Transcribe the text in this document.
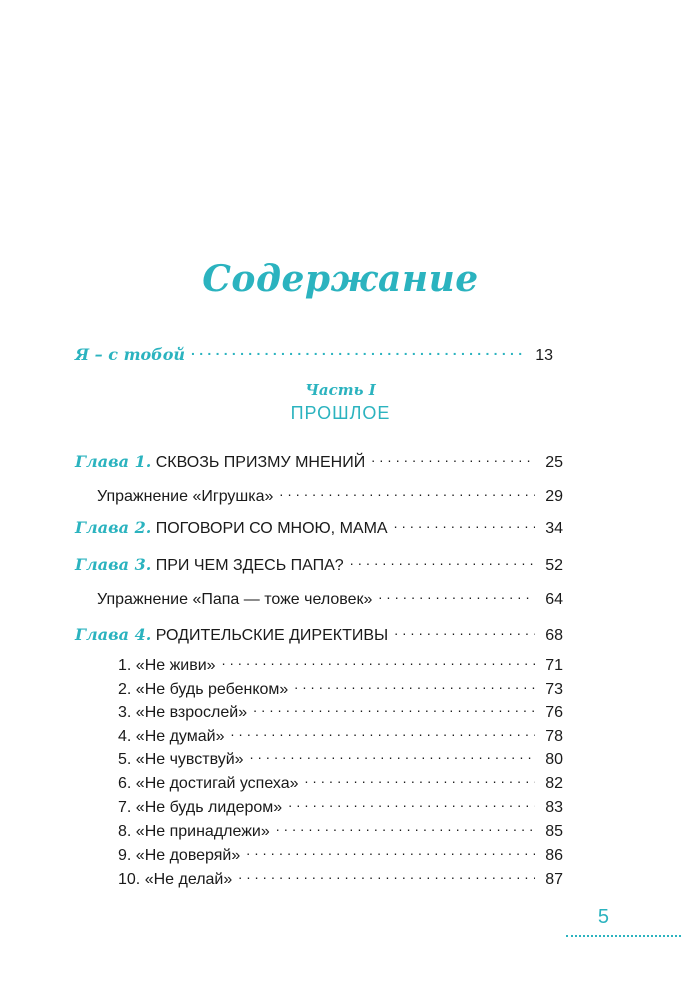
Содержание
Я – с тобой . . .	13
Часть I
ПРОШЛОЕ
Глава 1. СКВОЗЬ ПРИЗМУ МНЕНИЙ . . .	25
Упражнение «Игрушка» . . .	29
Глава 2. ПОГОВОРИ СО МНОЮ, МАМА . . .	34
Глава 3. ПРИ ЧЕМ ЗДЕСЬ ПАПА? . . .	52
Упражнение «Папа — тоже человек» . . .	64
Глава 4. РОДИТЕЛЬСКИЕ ДИРЕКТИВЫ . . .	68
1. «Не живи» . . .	71
2. «Не будь ребенком» . . .	73
3. «Не взрослей» . . .	76
4. «Не думай» . . .	78
5. «Не чувствуй» . . .	80
6. «Не достигай успеха» . . .	82
7. «Не будь лидером» . . .	83
8. «Не принадлежи» . . .	85
9. «Не доверяй» . . .	86
10. «Не делай» . . .	87
5
